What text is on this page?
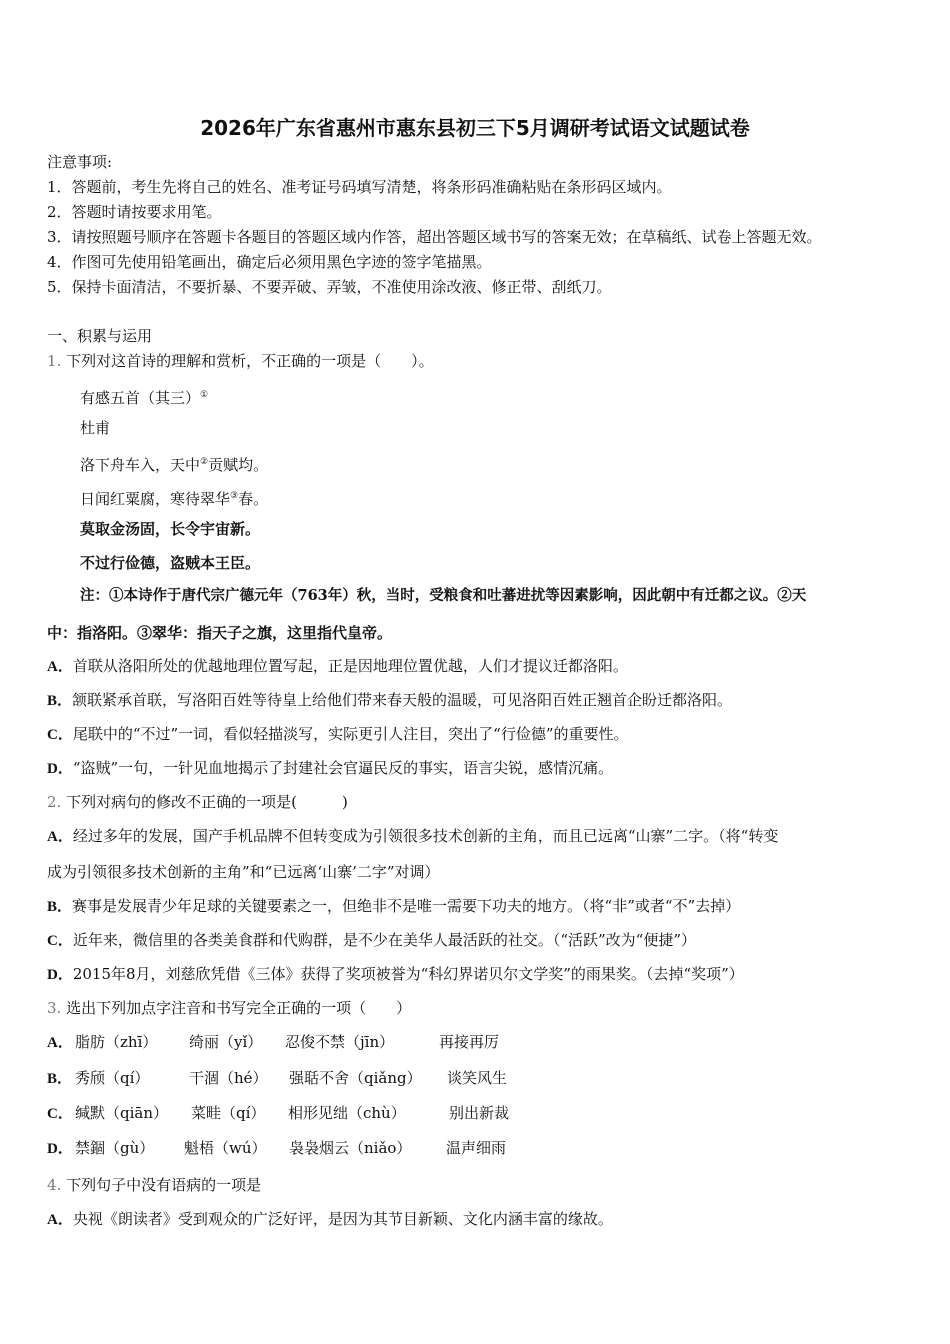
2026年广东省惠州市惠东县初三下5月调研考试语文试题试卷
注意事项:
1．答题前，考生先将自己的姓名、准考证号码填写清楚，将条形码准确粘贴在条形码区域内。
2．答题时请按要求用笔。
3．请按照题号顺序在答题卡各题目的答题区域内作答，超出答题区域书写的答案无效；在草稿纸、试卷上答题无效。
4．作图可先使用铅笔画出，确定后必须用黑色字迹的签字笔描黑。
5．保持卡面清洁，不要折暴、不要弄破、弄皱，不准使用涂改液、修正带、刮纸刀。
一、积累与运用
1. 下列对这首诗的理解和赏析，不正确的一项是（　　）。
有感五首（其三）①
杜甫
洛下舟车入，天中②贡赋均。
日闻红粟腐，寒待翠华③春。
莫取金汤固，长令宇宙新。
不过行俭德，盗贼本王臣。
注：①本诗作于唐代宗广德元年（763年）秋，当时，受粮食和吐蕃进扰等因素影响，因此朝中有迁都之议。②天
中：指洛阳。③翠华：指天子之旗，这里指代皇帝。
A．首联从洛阳所处的优越地理位置写起，正是因地理位置优越，人们才提议迁都洛阳。
B．颔联紧承首联，写洛阳百姓等待皇上给他们带来春天般的温暖，可见洛阳百姓正翘首企盼迁都洛阳。
C．尾联中的“不过”一词，看似轻描淡写，实际更引人注目，突出了“行俭德”的重要性。
D．“盗贼”一句，一针见血地揭示了封建社会官逼民反的事实，语言尖锐，感情沉痛。
2. 下列对病句的修改不正确的一项是(　　　)
A．经过多年的发展，国产手机品牌不但转变成为引领很多技术创新的主角，而且已远离“山寨”二字。（将“转变
成为引领很多技术创新的主角”和“已远离‘山寨’二字”对调）
B．赛事是发展青少年足球的关键要素之一，但绝非不是唯一需要下功夫的地方。（将“非”或者“不”去掉）
C．近年来，微信里的各类美食群和代购群，是不少在美华人最活跃的社交。（“活跃”改为“便捷”）
D．2015年8月，刘慈欣凭借《三体》获得了奖项被誉为“科幻界诺贝尔文学奖”的雨果奖。（去掉“奖项”）
3. 选出下列加点字注音和书写完全正确的一项（　　）
A． 脂肪（zhī） 绮丽（yǐ） 忍俊不禁（jīn）	再接再厉
B． 秀颀（qí）	干涸（hé） 强聒不舍（qiǎng） 谈笑风生
C． 缄默（qiān） 菜畦（qí） 相形见绌（chù）	别出新裁
D． 禁錮（gù） 魁梧（wú） 袅袅烟云（niǎo） 温声细雨
4. 下列句子中没有语病的一项是
A．央视《朗读者》受到观众的广泛好评，是因为其节目新颖、文化内涵丰富的缘故。
